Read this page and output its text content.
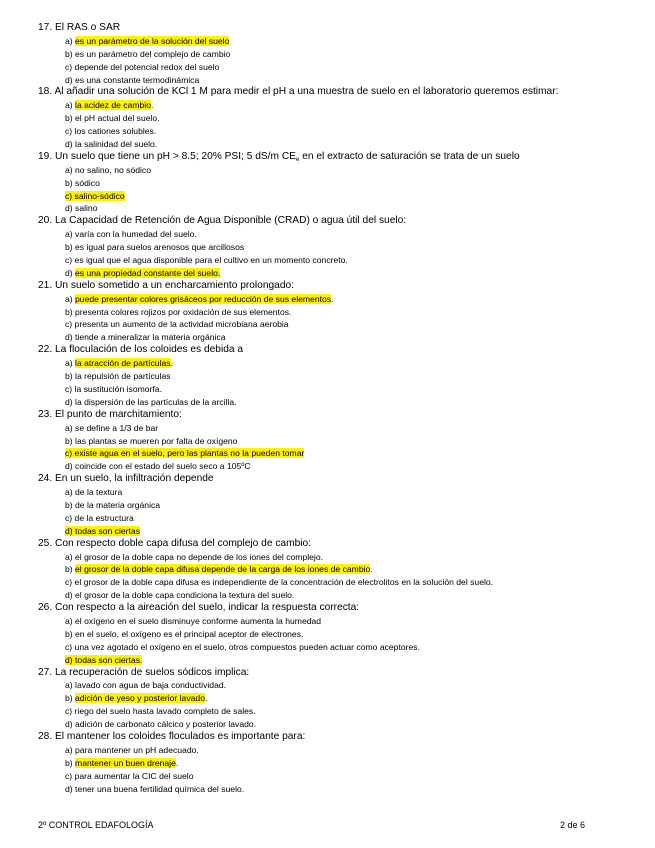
17. El RAS o SAR
a) es un parámetro de la solución del suelo
b) es un parámetro del complejo de cambio
c) depende del potencial redox del suelo
d) es una constante termodinámica
18. Al añadir una solución de KCl 1 M para medir el pH a una muestra de suelo en el laboratorio queremos estimar:
a) la acidez de cambio.
b) el pH actual del suelo.
c) los cationes solubles.
d) la salinidad del suelo.
19. Un suelo que tiene un pH > 8.5; 20% PSI; 5 dS/m $CE_e$ en el extracto de saturación se trata de un suelo
a) no salino, no sódico
b) sódico
c) salino-sódico
d) salino
20. La Capacidad de Retención de Agua Disponible (CRAD) o agua útil del suelo:
a) varía con la humedad del suelo.
b) es igual para suelos arenosos que arcillosos
c) es igual que el agua disponible para el cultivo en un momento concreto.
d) es una propiedad constante del suelo.
21. Un suelo sometido a un encharcamiento prolongado:
a) puede presentar colores grisáceos por reducción de sus elementos.
b) presenta colores rojizos por oxidación de sus elementos.
c) presenta un aumento de la actividad microbiana aerobia
d) tiende a mineralizar la materia orgánica
22. La floculación de los coloides es debida a
a) la atracción de partículas.
b) la repulsión de partículas
c) la sustitución isomorfa.
d) la dispersión de las partículas de la arcilla.
23. El punto de marchitamiento:
a) se define a 1/3 de bar
b) las plantas se mueren por falta de oxígeno
c) existe agua en el suelo, pero las plantas no la pueden tomar
d) coincide con el estado del suelo seco a 105ºC
24. En un suelo, la infiltración depende
a) de la textura
b) de la materia orgánica
c) de la estructura
d) todas son ciertas
25. Con respecto doble capa difusa del complejo de cambio:
a) el grosor de la doble capa no depende de los iones del complejo.
b) el grosor de la doble capa difusa depende de la carga de los iones de cambio.
c) el grosor de la doble capa difusa es independiente de la concentración de electrolitos en la solución del suelo.
d) el grosor de la doble capa condiciona la textura del suelo.
26. Con respecto a la aireación del suelo, indicar la respuesta correcta:
a) el oxígeno en el suelo disminuye conforme aumenta la humedad
b) en el suelo, el oxígeno es el principal aceptor de electrones.
c) una vez agotado el oxígeno en el suelo, otros compuestos pueden actuar como aceptores.
d) todas son ciertas.
27. La recuperación de suelos sódicos implica:
a) lavado con agua de baja conductividad.
b) adición de yeso y posterior lavado.
c) riego del suelo hasta lavado completo de sales.
d) adición de carbonato cálcico y posterior lavado.
28. El mantener los coloides floculados es importante para:
a) para mantener un pH adecuado.
b) mantener un buen drenaje.
c) para aumentar la CIC del suelo
d) tener una buena fertilidad química del suelo.
2º CONTROL EDAFOLOGÍA	2 de 6
